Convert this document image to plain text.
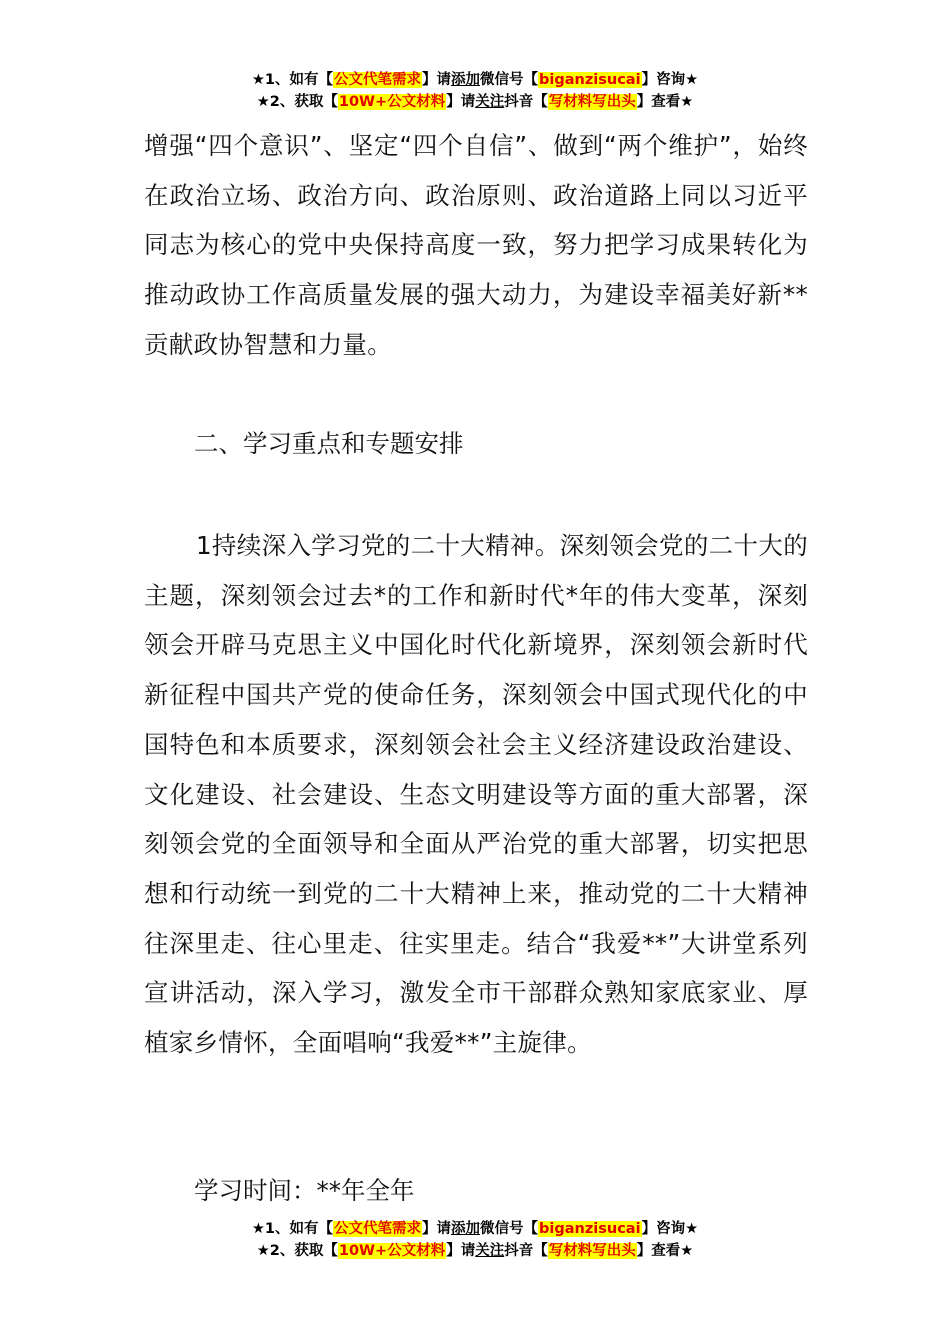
★1、如有【公文代笔需求】请添加微信号【biganzisucai】咨询★
★2、获取【10W+公文材料】请关注抖音【写材料写出头】查看★

增强“四个意识”、坚定“四个自信”、做到“两个维护”，始终在政治立场、政治方向、政治原则、政治道路上同以习近平同志为核心的党中央保持高度一致，努力把学习成果转化为推动政协工作高质量发展的强大动力，为建设幸福美好新**贡献政协智慧和力量。

二、学习重点和专题安排

1持续深入学习党的二十大精神。深刻领会党的二十大的主题，深刻领会过去*的工作和新时代*年的伟大变革，深刻领会开辟马克思主义中国化时代化新境界，深刻领会新时代新征程中国共产党的使命任务，深刻领会中国式现代化的中国特色和本质要求，深刻领会社会主义经济建设政治建设、文化建设、社会建设、生态文明建设等方面的重大部署，深刻领会党的全面领导和全面从严治党的重大部署，切实把思想和行动统一到党的二十大精神上来，推动党的二十大精神往深里走、往心里走、往实里走。结合“我爱**”大讲堂系列宣讲活动，深入学习，激发全市干部群众熟知家底家业、厚植家乡情怀，全面唱响“我爱**”主旋律。

学习时间：**年全年

★1、如有【公文代笔需求】请添加微信号【biganzisucai】咨询★
★2、获取【10W+公文材料】请关注抖音【写材料写出头】查看★
